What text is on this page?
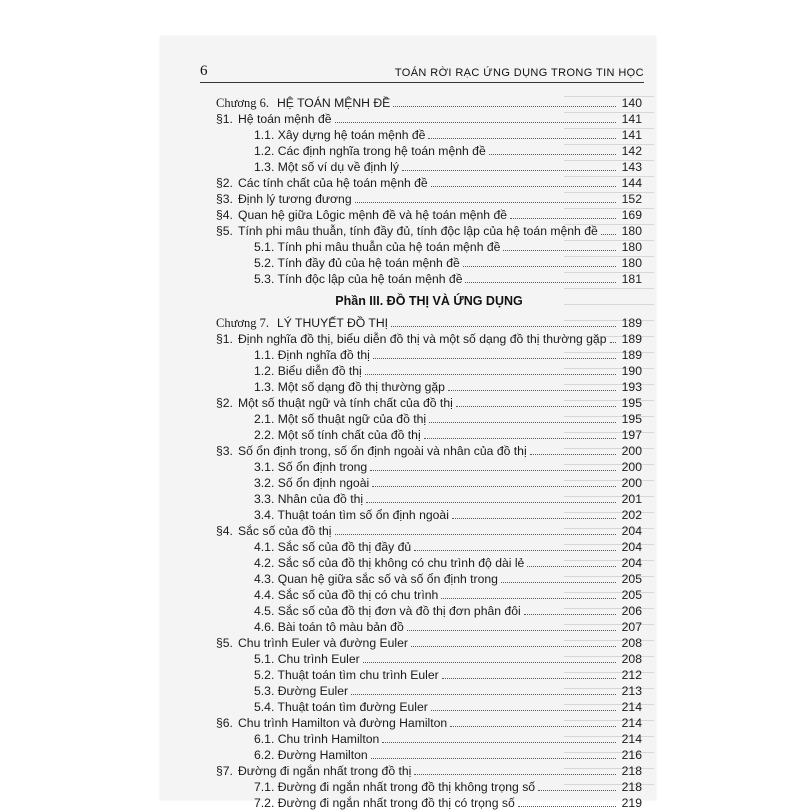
6	TOÁN RỜI RẠC ỨNG DỤNG TRONG TIN HỌC
Chương 6. HỆ TOÁN MỆNH ĐỀ	140
§1. Hệ toán mệnh đề	141
1.1. Xây dựng hệ toán mệnh đề	141
1.2. Các định nghĩa trong hệ toán mệnh đề	142
1.3. Một số ví dụ về định lý	143
§2. Các tính chất của hệ toán mệnh đề	144
§3. Định lý tương đương	152
§4. Quan hệ giữa Lôgic mệnh đề và hệ toán mệnh đề	169
§5. Tính phi mâu thuẫn, tính đầy đủ, tính độc lập của hệ toán mệnh đề 180
5.1. Tính phi mâu thuẫn của hệ toán mệnh đề	180
5.2. Tính đầy đủ của hệ toán mệnh đề	180
5.3. Tính độc lập của hệ toán mệnh đề	181
Phần III. ĐỒ THỊ VÀ ỨNG DỤNG
Chương 7. LÝ THUYẾT ĐỒ THỊ	189
§1. Định nghĩa đồ thị, biểu diễn đồ thị và một số dạng đồ thị thường gặp 189
1.1. Định nghĩa đồ thị	189
1.2. Biểu diễn đồ thị	190
1.3. Một số dạng đồ thị thường gặp	193
§2. Một số thuật ngữ và tính chất của đồ thị	195
2.1. Một số thuật ngữ của đồ thị	195
2.2. Một số tính chất của đồ thị	197
§3. Số ổn định trong, số ổn định ngoài và nhân của đồ thị	200
3.1. Số ổn định trong	200
3.2. Số ổn định ngoài	200
3.3. Nhân của đồ thị	201
3.4. Thuật toán tìm số ổn định ngoài	202
§4. Sắc số của đồ thị	204
4.1. Sắc số của đồ thị đầy đủ	204
4.2. Sắc số của đồ thị không có chu trình độ dài lẻ	204
4.3. Quan hệ giữa sắc số và số ổn định trong	205
4.4. Sắc số của đồ thị có chu trình	205
4.5. Sắc số của đồ thị đơn và đồ thị đơn phân đôi	206
4.6. Bài toán tô màu bản đồ	207
§5. Chu trình Euler và đường Euler	208
5.1. Chu trình Euler	208
5.2. Thuật toán tìm chu trình Euler	212
5.3. Đường Euler	213
5.4. Thuật toán tìm đường Euler	214
§6. Chu trình Hamilton và đường Hamilton	214
6.1. Chu trình Hamilton	214
6.2. Đường Hamilton	216
§7. Đường đi ngắn nhất trong đồ thị	218
7.1. Đường đi ngắn nhất trong đồ thị không trọng số	218
7.2. Đường đi ngắn nhất trong đồ thị có trọng số	219
